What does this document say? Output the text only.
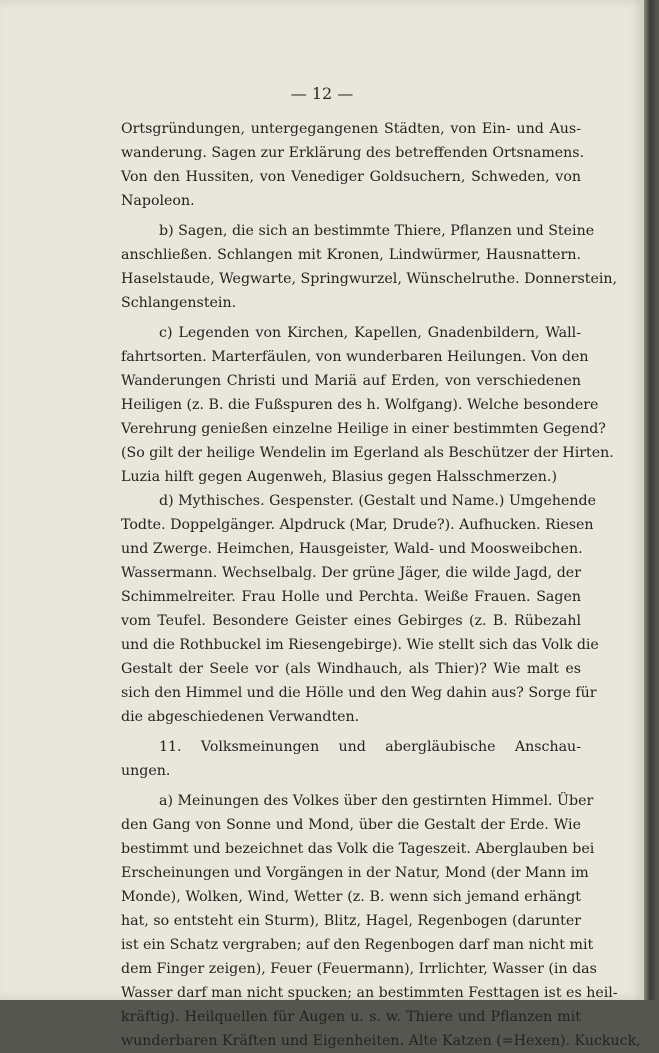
— 12 —
Ortsgründungen, untergegangenen Städten, von Ein- und Aus-
wanderung. Sagen zur Erklärung des betreffenden Ortsnamens.
Von den Hussiten, von Venediger Goldsuchern, Schweden, von
Napoleon.
b) Sagen, die sich an bestimmte Thiere, Pflanzen und Steine
anschließen. Schlangen mit Kronen, Lindwürmer, Hausnattern.
Haselstaude, Wegwarte, Springwurzel, Wünschelruthe. Donnerstein,
Schlangenstein.
c) Legenden von Kirchen, Kapellen, Gnadenbildern, Wall-
fahrtsorten. Marterfäulen, von wunderbaren Heilungen. Von den
Wanderungen Christi und Mariä auf Erden, von verschiedenen
Heiligen (z. B. die Fußspuren des h. Wolfgang). Welche besondere
Verehrung genießen einzelne Heilige in einer bestimmten Gegend?
(So gilt der heilige Wendelin im Egerland als Beschützer der Hirten.
Luzia hilft gegen Augenweh, Blasius gegen Halsschmerzen.)
d) Mythisches. Gespenster. (Gestalt und Name.) Umgehende
Todte. Doppelgänger. Alpdruck (Mar, Drude?). Aufhucken. Riesen
und Zwerge. Heimchen, Hausgeister, Wald- und Moosweibchen.
Wassermann. Wechselbalg. Der grüne Jäger, die wilde Jagd, der
Schimmelreiter. Frau Holle und Perchta. Weiße Frauen. Sagen
vom Teufel. Besondere Geister eines Gebirges (z. B. Rübezahl
und die Rothbuckel im Riesengebirge). Wie stellt sich das Volk die
Gestalt der Seele vor (als Windhauch, als Thier)? Wie malt es
sich den Himmel und die Hölle und den Weg dahin aus? Sorge für
die abgeschiedenen Verwandten.
11. Volksmeinungen und abergläubische Anschau-
ungen.
a) Meinungen des Volkes über den gestirnten Himmel. Über
den Gang von Sonne und Mond, über die Gestalt der Erde. Wie
bestimmt und bezeichnet das Volk die Tageszeit. Aberglauben bei
Erscheinungen und Vorgängen in der Natur, Mond (der Mann im
Monde), Wolken, Wind, Wetter (z. B. wenn sich jemand erhängt
hat, so entsteht ein Sturm), Blitz, Hagel, Regenbogen (darunter
ist ein Schatz vergraben; auf den Regenbogen darf man nicht mit
dem Finger zeigen), Feuer (Feuermann), Irrlichter, Wasser (in das
Wasser darf man nicht spucken; an bestimmten Festtagen ist es heil-
kräftig). Heilquellen für Augen u. s. w. Thiere und Pflanzen mit
wunderbaren Kräften und Eigenheiten. Alte Katzen (=Hexen). Kuckuck,
